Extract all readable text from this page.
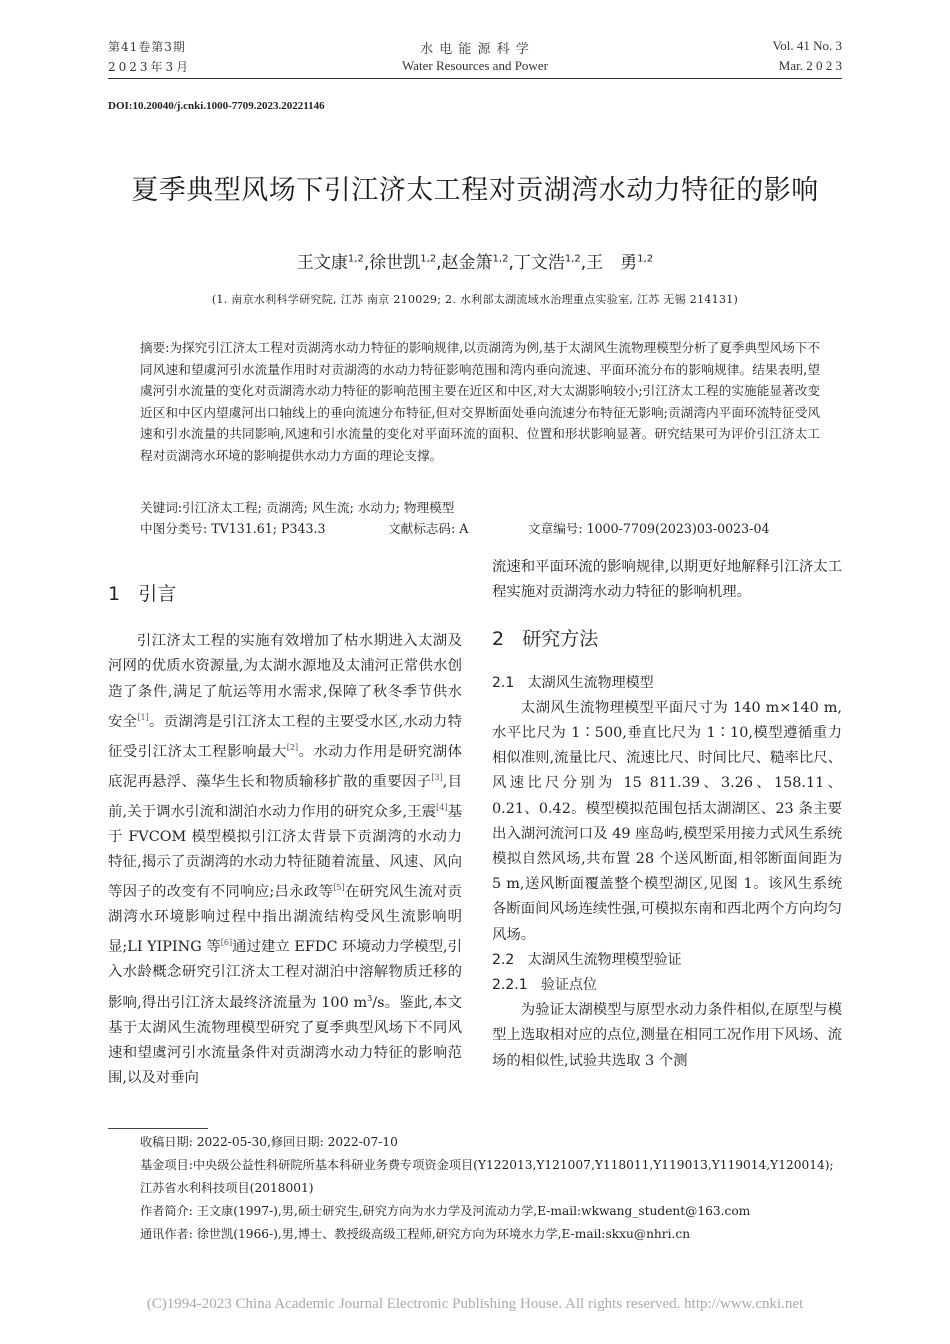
第41卷第3期
2023年3月
水 电 能 源 科 学
Water Resources and Power
Vol. 41 No. 3
Mar. 2 0 2 3
DOI:10.20040/j.cnki.1000-7709.2023.20221146
夏季典型风场下引江济太工程对贡湖湾水动力特征的影响
王文康$^{1,2}$,徐世凯$^{1,2}$,赵金箫$^{1,2}$,丁文浩$^{1,2}$,王　勇$^{1,2}$
(1. 南京水利科学研究院, 江苏 南京 210029; 2. 水利部太湖流域水治理重点实验室, 江苏 无锡 214131)
摘要:为探究引江济太工程对贡湖湾水动力特征的影响规律,以贡湖湾为例,基于太湖风生流物理模型分析了夏季典型风场下不同风速和望虞河引水流量作用时对贡湖湾的水动力特征影响范围和湾内垂向流速、平面环流分布的影响规律。结果表明,望虞河引水流量的变化对贡湖湾水动力特征的影响范围主要在近区和中区,对大太湖影响较小;引江济太工程的实施能显著改变近区和中区内望虞河出口轴线上的垂向流速分布特征,但对交界断面处垂向流速分布特征无影响;贡湖湾内平面环流特征受风速和引水流量的共同影响,风速和引水流量的变化对平面环流的面积、位置和形状影响显著。研究结果可为评价引江济太工程对贡湖湾水环境的影响提供水动力方面的理论支撑。
关键词:引江济太工程; 贡湖湾; 风生流; 水动力; 物理模型
中图分类号: TV131.61; P343.3	文献标志码: A	文章编号: 1000-7709(2023)03-0023-04
1 引言

引江济太工程的实施有效增加了枯水期进入太湖及河网的优质水资源量,为太湖水源地及太浦河正常供水创造了条件,满足了航运等用水需求,保障了秋冬季节供水安全[1]。贡湖湾是引江济太工程的主要受水区,水动力特征受引江济太工程影响最大[2]。水动力作用是研究湖体底泥再悬浮、藻华生长和物质输移扩散的重要因子[3],目前,关于调水引流和湖泊水动力作用的研究众多,王震[4]基于 FVCOM 模型模拟引江济太背景下贡湖湾的水动力特征,揭示了贡湖湾的水动力特征随着流量、风速、风向等因子的改变有不同响应;吕永政等[5]在研究风生流对贡湖湾水环境影响过程中指出湖流结构受风生流影响明显;LI YIPING 等[6]通过建立 EFDC 环境动力学模型,引入水龄概念研究引江济太工程对湖泊中溶解物质迁移的影响,得出引江济太最终济流量为 100 $m^3/s$。鉴此,本文基于太湖风生流物理模型研究了夏季典型风场下不同风速和望虞河引水流量条件对贡湖湾水动力特征的影响范围,以及对垂向

流速和平面环流的影响规律,以期更好地解释引江济太工程实施对贡湖湾水动力特征的影响机理。

2 研究方法
2.1 太湖风生流物理模型

太湖风生流物理模型平面尺寸为 140 m×140 m,水平比尺为 1∶500,垂直比尺为 1∶10,模型遵循重力相似准则,流量比尺、流速比尺、时间比尺、糙率比尺、风速比尺分别为 15 811.39、3.26、158.11、0.21、0.42。模型模拟范围包括太湖湖区、23 条主要出入湖河流河口及 49 座岛屿,模型采用接力式风生系统模拟自然风场,共布置 28 个送风断面,相邻断面间距为 5 m,送风断面覆盖整个模型湖区,见图 1。该风生系统各断面间风场连续性强,可模拟东南和西北两个方向均匀风场。

2.2 太湖风生流物理模型验证
2.2.1 验证点位

为验证太湖模型与原型水动力条件相似,在原型与模型上选取相对应的点位,测量在相同工况作用下风场、流场的相似性,试验共选取 3 个测

收稿日期: 2022-05-30,修回日期: 2022-07-10
基金项目:中央级公益性科研院所基本科研业务费专项资金项目(Y122013,Y121007,Y118011,Y119013,Y119014,Y120014);江苏省水利科技项目(2018001)
作者简介: 王文康(1997-),男,硕士研究生,研究方向为水力学及河流动力学,E-mail:wkwang_student@163.com
通讯作者: 徐世凯(1966-),男,博士、教授级高级工程师,研究方向为环境水力学,E-mail:skxu@nhri.cn
(C)1994-2023 China Academic Journal Electronic Publishing House. All rights reserved. http://www.cnki.net
